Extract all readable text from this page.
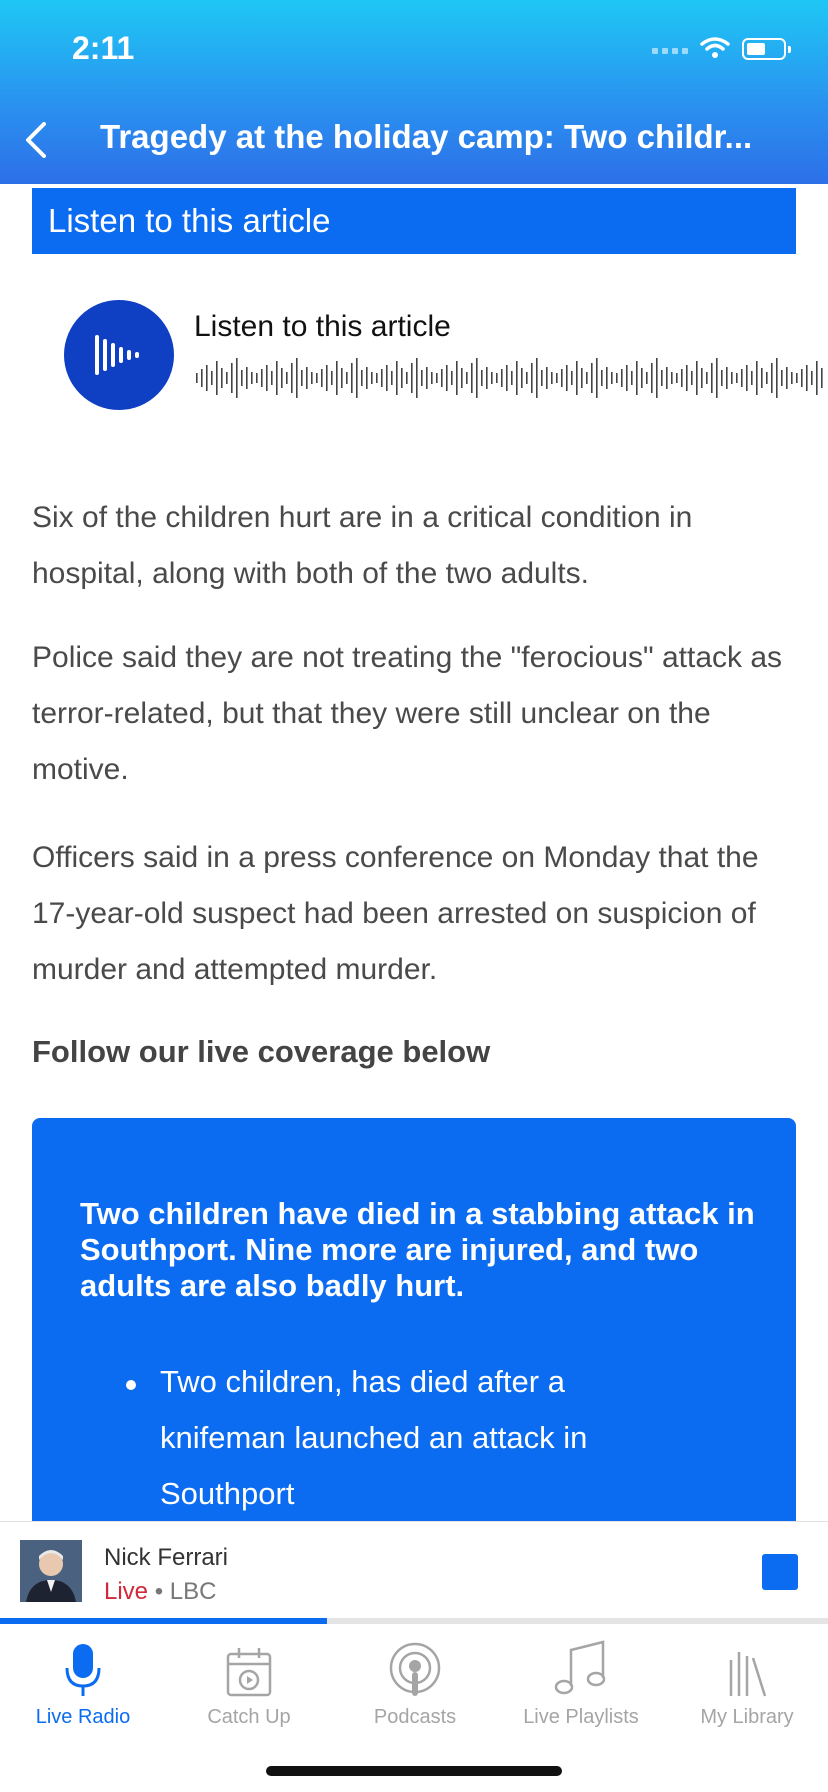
2:11
Tragedy at the holiday camp: Two childr...
Listen to this article
Listen to this article

Six of the children hurt are in a critical condition in hospital, along with both of the two adults.

Police said they are not treating the "ferocious" attack as terror-related, but that they were still unclear on the motive.

Officers said in a press conference on Monday that the 17-year-old suspect had been arrested on suspicion of murder and attempted murder.

Follow our live coverage below

Two children have died in a stabbing attack in Southport. Nine more are injured, and two adults are also badly hurt.

Two children, has died after a knifeman launched an attack in Southport

Nick Ferrari
Live • LBC
Live Radio	Catch Up	Podcasts	Live Playlists	My Library
